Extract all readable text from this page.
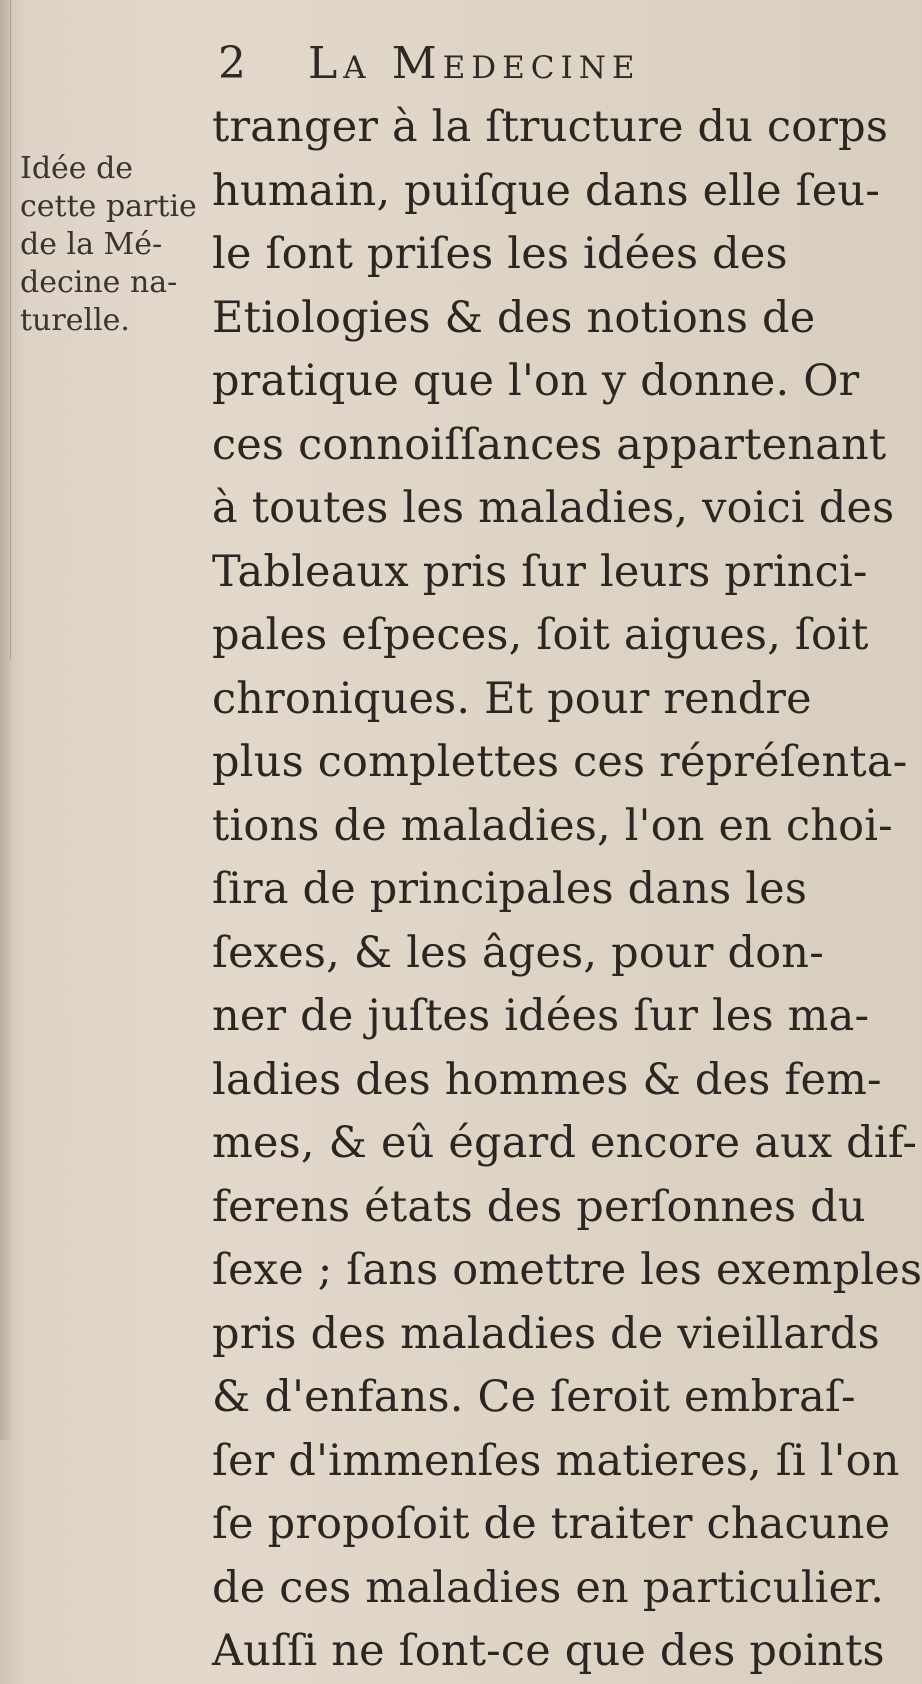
2 La Medecine
Idée de
cette partie
de la Mé-
decine na-
turelle.
tranger à la ſtructure du corps
humain, puiſque dans elle ſeu-
le ſont priſes les idées des
Etiologies & des notions de
pratique que l'on y donne. Or
ces connoiſſances appartenant
à toutes les maladies, voici des
Tableaux pris ſur leurs princi-
pales eſpeces, ſoit aigues, ſoit
chroniques. Et pour rendre
plus complettes ces répréſenta-
tions de maladies, l'on en choi-
ſira de principales dans les
ſexes, & les âges, pour don-
ner de juſtes idées ſur les ma-
ladies des hommes & des fem-
mes, & eû égard encore aux dif-
ferens états des perſonnes du
ſexe ; ſans omettre les exemples
pris des maladies de vieillards
& d'enfans. Ce ſeroit embraſ-
ſer d'immenſes matieres, ſi l'on
ſe propoſoit de traiter chacune
de ces maladies en particulier.
Auſſi ne ſont-ce que des points
